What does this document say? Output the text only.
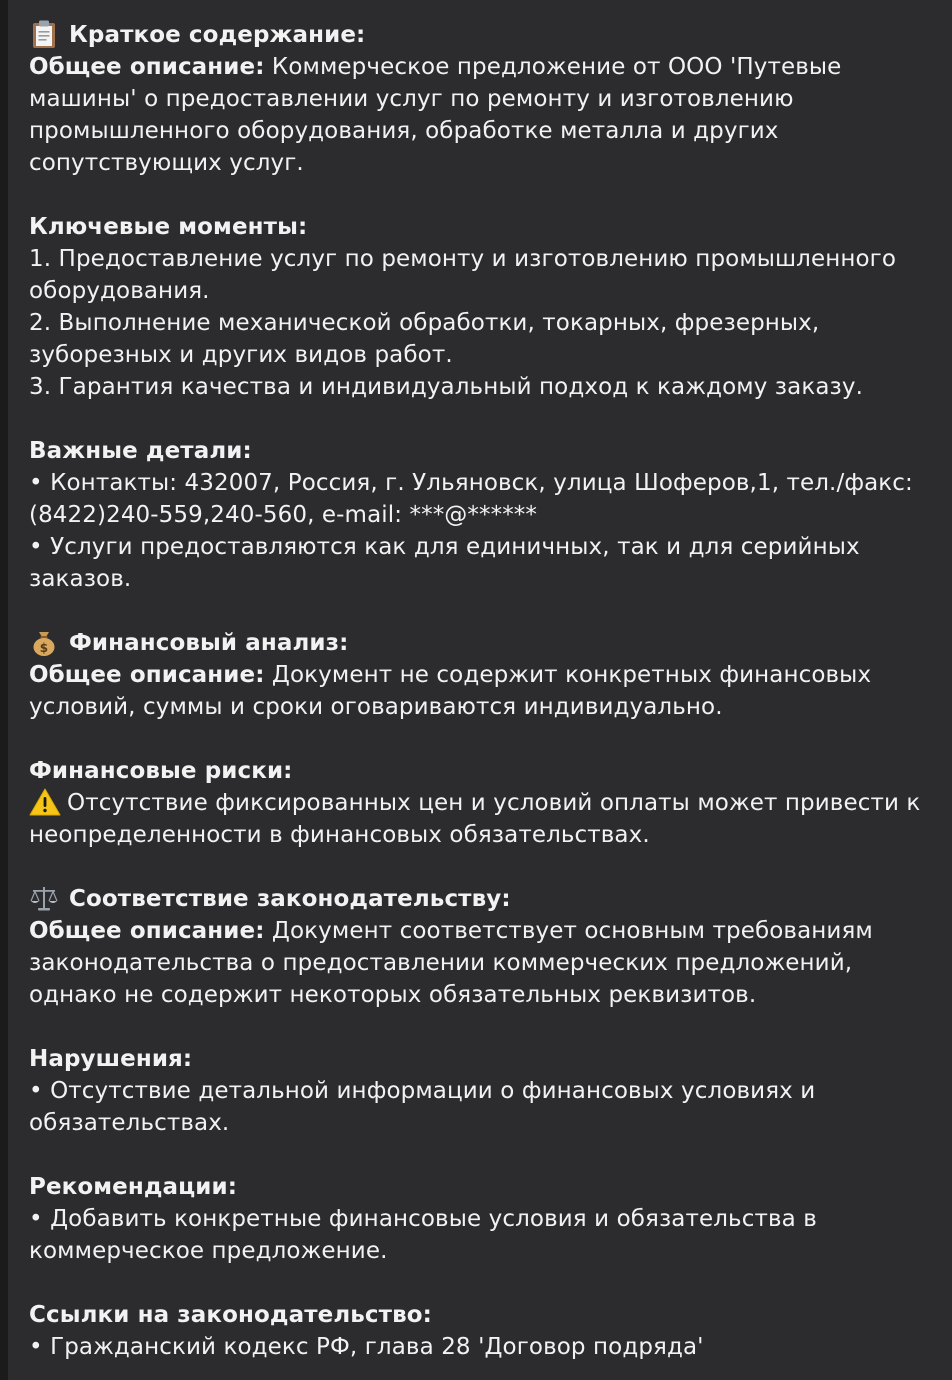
Краткое содержание:

Общее описание: Коммерческое предложение от ООО 'Путевые машины' о предоставлении услуг по ремонту и изготовлению промышленного оборудования, обработке металла и других сопутствующих услуг.

Ключевые моменты:

1. Предоставление услуг по ремонту и изготовлению промышленного оборудования.

2. Выполнение механической обработки, токарных, фрезерных, зуборезных и других видов работ.

3. Гарантия качества и индивидуальный подход к каждому заказу.

Важные детали:

• Контакты: 432007, Россия, г. Ульяновск, улица Шоферов,1, тел./факс: (8422)240-559,240-560, e-mail: ***@******

• Услуги предоставляются как для единичных, так и для серийных заказов.

$ Финансовый анализ:

Общее описание: Документ не содержит конкретных финансовых условий, суммы и сроки оговариваются индивидуально.

Финансовые риски:

Отсутствие фиксированных цен и условий оплаты может привести к неопределенности в финансовых обязательствах.

Соответствие законодательству:

Общее описание: Документ соответствует основным требованиям законодательства о предоставлении коммерческих предложений, однако не содержит некоторых обязательных реквизитов.

Нарушения:

• Отсутствие детальной информации о финансовых условиях и обязательствах.

Рекомендации:

• Добавить конкретные финансовые условия и обязательства в коммерческое предложение.

Ссылки на законодательство:

• Гражданский кодекс РФ, глава 28 'Договор подряда'
